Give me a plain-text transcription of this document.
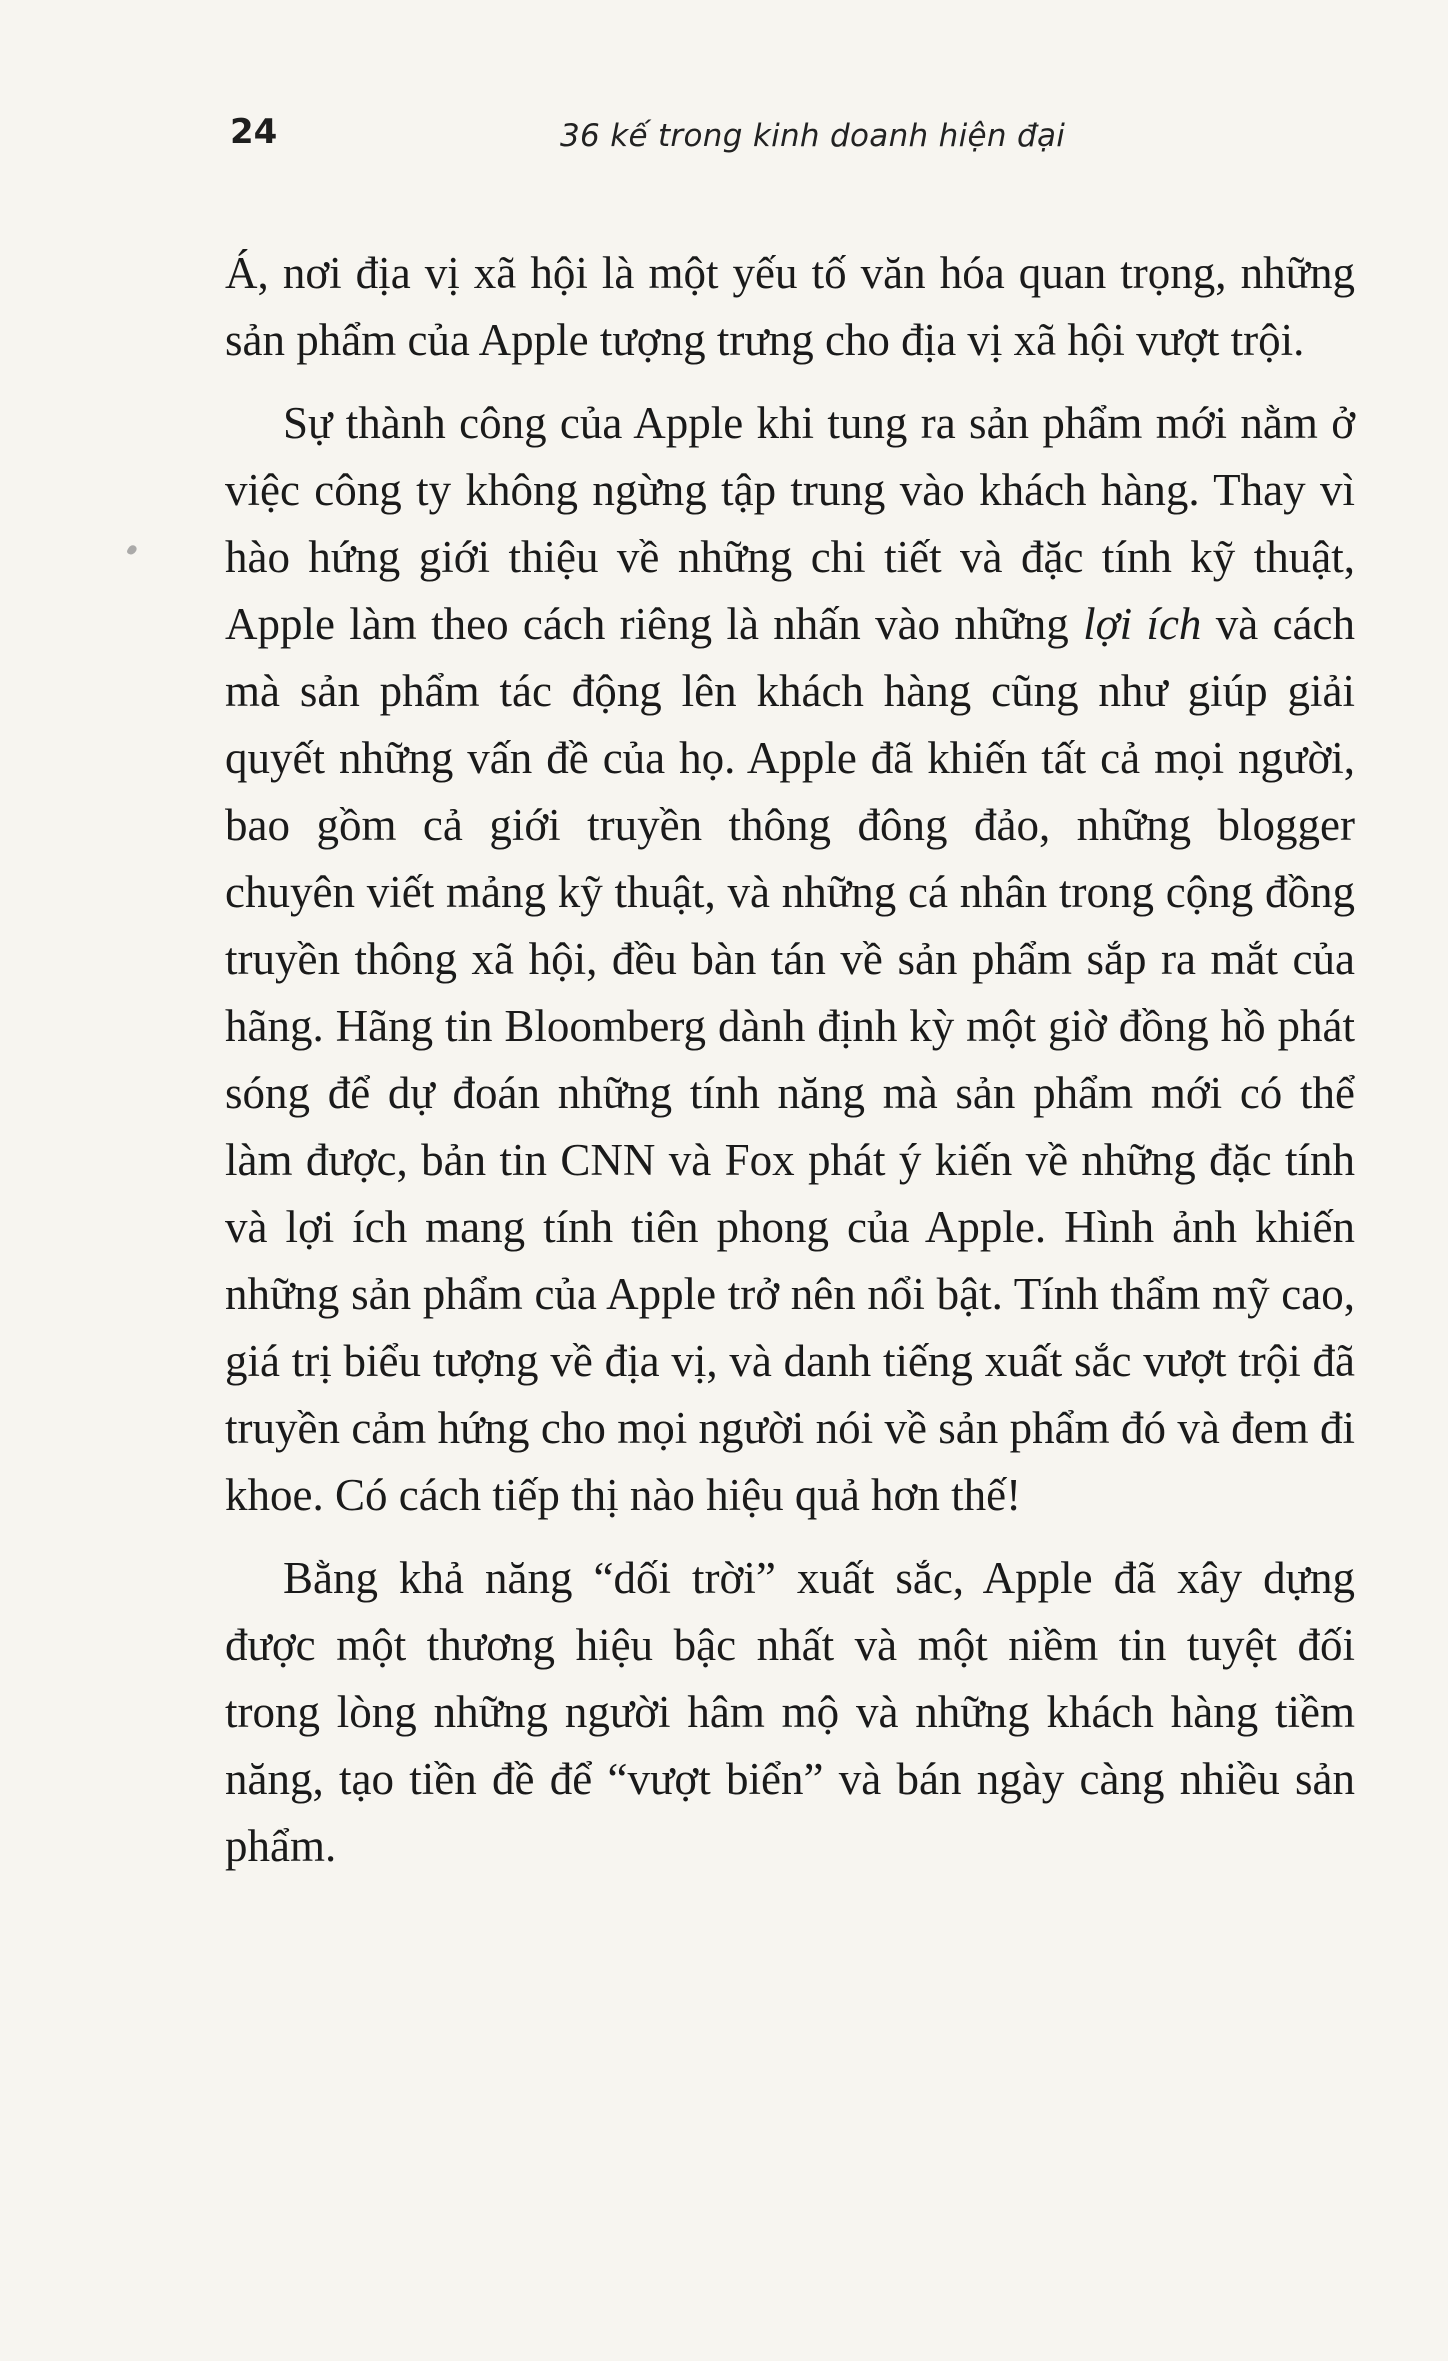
24	36 kế trong kinh doanh hiện đại

Á, nơi địa vị xã hội là một yếu tố văn hóa quan trọng, những sản phẩm của Apple tượng trưng cho địa vị xã hội vượt trội.

Sự thành công của Apple khi tung ra sản phẩm mới nằm ở việc công ty không ngừng tập trung vào khách hàng. Thay vì hào hứng giới thiệu về những chi tiết và đặc tính kỹ thuật, Apple làm theo cách riêng là nhấn vào những lợi ích và cách mà sản phẩm tác động lên khách hàng cũng như giúp giải quyết những vấn đề của họ. Apple đã khiến tất cả mọi người, bao gồm cả giới truyền thông đông đảo, những blogger chuyên viết mảng kỹ thuật, và những cá nhân trong cộng đồng truyền thông xã hội, đều bàn tán về sản phẩm sắp ra mắt của hãng. Hãng tin Bloomberg dành định kỳ một giờ đồng hồ phát sóng để dự đoán những tính năng mà sản phẩm mới có thể làm được, bản tin CNN và Fox phát ý kiến về những đặc tính và lợi ích mang tính tiên phong của Apple. Hình ảnh khiến những sản phẩm của Apple trở nên nổi bật. Tính thẩm mỹ cao, giá trị biểu tượng về địa vị, và danh tiếng xuất sắc vượt trội đã truyền cảm hứng cho mọi người nói về sản phẩm đó và đem đi khoe. Có cách tiếp thị nào hiệu quả hơn thế!

Bằng khả năng “dối trời” xuất sắc, Apple đã xây dựng được một thương hiệu bậc nhất và một niềm tin tuyệt đối trong lòng những người hâm mộ và những khách hàng tiềm năng, tạo tiền đề để “vượt biển” và bán ngày càng nhiều sản phẩm.
